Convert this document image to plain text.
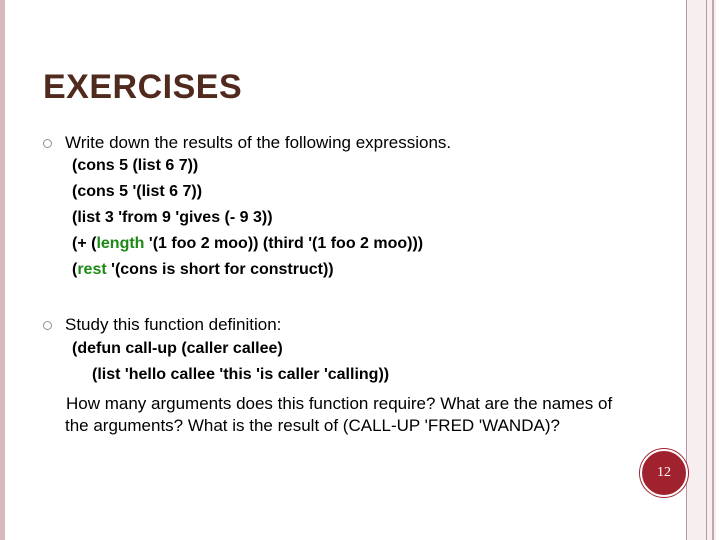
EXERCISES
Write down the results of the following expressions.
(cons 5 (list 6 7))
(cons 5 '(list 6 7))
(list 3 'from 9 'gives (- 9 3))
(+ (length '(1 foo 2 moo)) (third '(1 foo 2 moo)))
(rest '(cons is short for construct))
Study this function definition:
(defun call-up (caller callee)
(list 'hello callee 'this 'is caller 'calling))
How many arguments does this function require? What are the names of
the arguments? What is the result of (CALL-UP 'FRED 'WANDA)?
12
